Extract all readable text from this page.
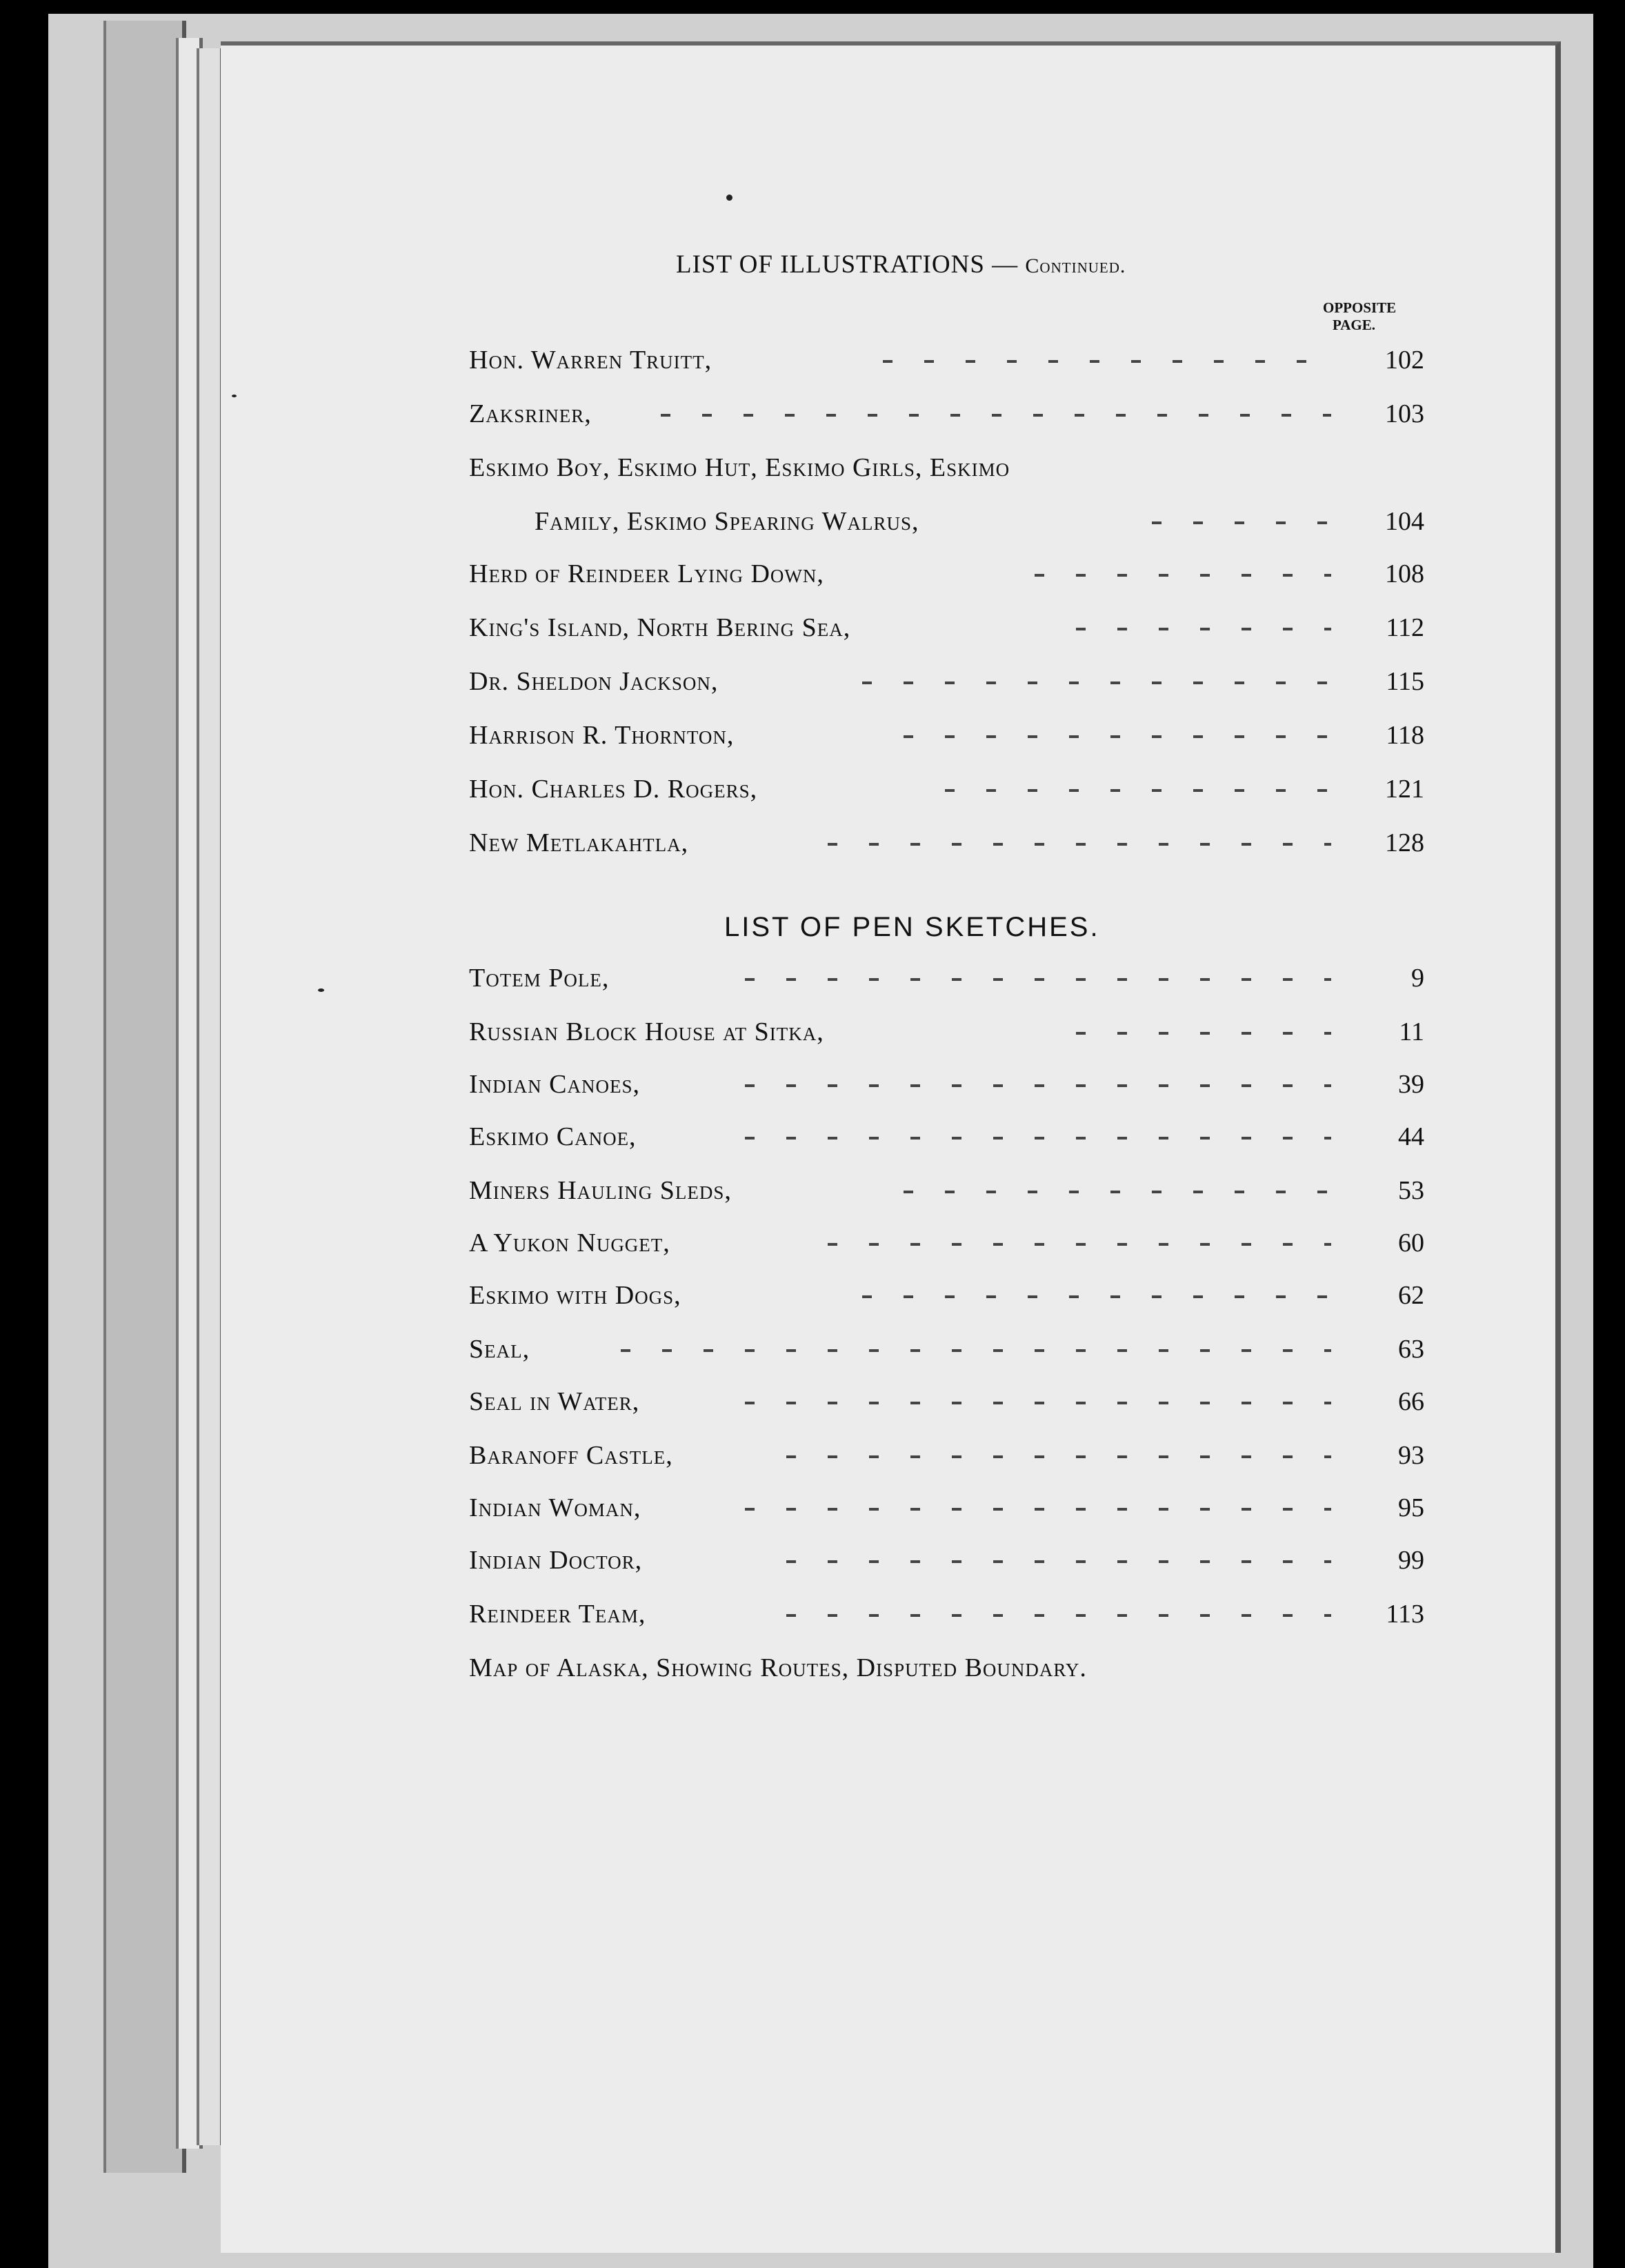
LIST OF ILLUSTRATIONS — Continued.
OPPOSITE
PAGE.
Hon. Warren Truitt,	102
Zaksriner,	103
Eskimo Boy, Eskimo Hut, Eskimo Girls, Eskimo
Family, Eskimo Spearing Walrus,	104
Herd of Reindeer Lying Down,	108
King's Island, North Bering Sea,	112
Dr. Sheldon Jackson,	115
Harrison R. Thornton,	118
Hon. Charles D. Rogers,	121
New Metlakahtla,	128
LIST OF PEN SKETCHES.
Totem Pole,	9
Russian Block House at Sitka,	11
Indian Canoes,	39
Eskimo Canoe,	44
Miners Hauling Sleds,	53
A Yukon Nugget,	60
Eskimo with Dogs,	62
Seal,	63
Seal in Water,	66
Baranoff Castle,	93
Indian Woman,	95
Indian Doctor,	99
Reindeer Team,	113
Map of Alaska, Showing Routes, Disputed Boundary.
